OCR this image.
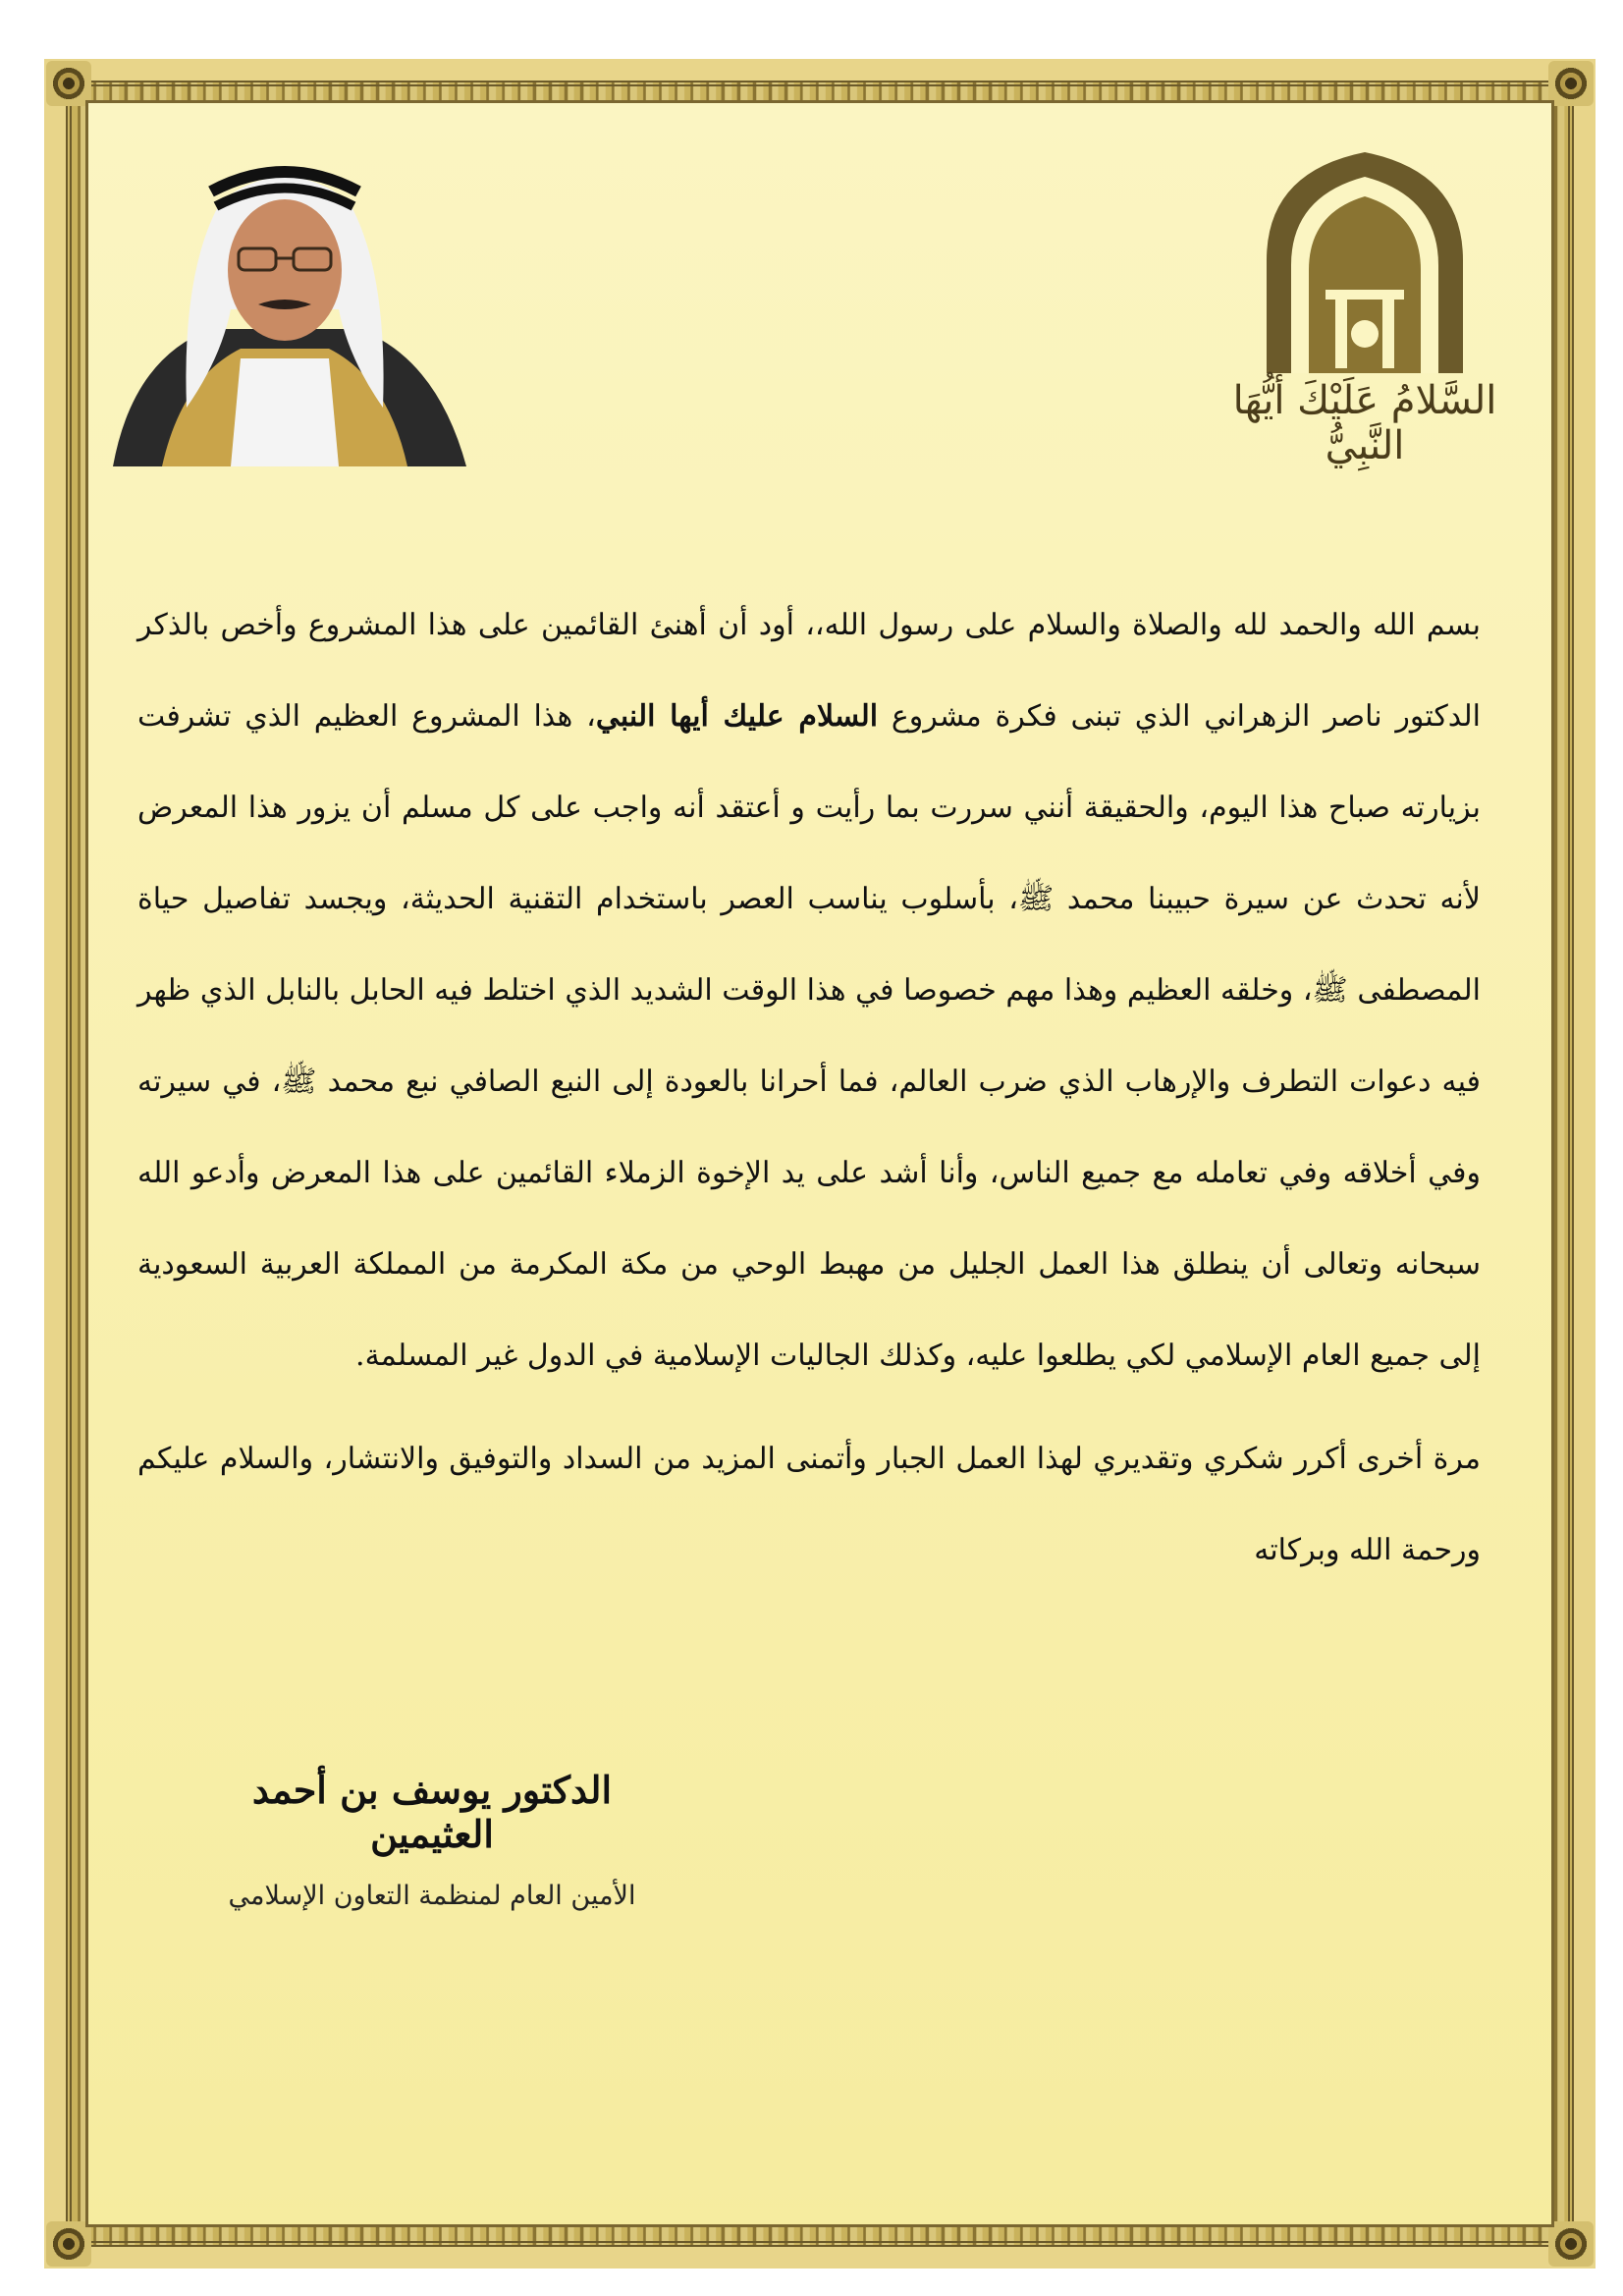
السَّلامُ عَلَيْكَ أيُّهَا النَّبِيُّ

بسم الله والحمد لله والصلاة والسلام على رسول الله،، أود أن أهنئ القائمين على هذا المشروع وأخص بالذكر الدكتور ناصر الزهراني الذي تبنى فكرة مشروع السلام عليك أيها النبي، هذا المشروع العظيم الذي تشرفت بزيارته صباح هذا اليوم، والحقيقة أنني سررت بما رأيت و أعتقد أنه واجب على كل مسلم أن يزور هذا المعرض لأنه تحدث عن سيرة حبيبنا محمد ﷺ، بأسلوب يناسب العصر باستخدام التقنية الحديثة، ويجسد تفاصيل حياة المصطفى ﷺ، وخلقه العظيم وهذا مهم خصوصا في هذا الوقت الشديد الذي اختلط فيه الحابل بالنابل الذي ظهر فيه دعوات التطرف والإرهاب الذي ضرب العالم، فما أحرانا بالعودة إلى النبع الصافي نبع محمد ﷺ، في سيرته وفي أخلاقه وفي تعامله مع جميع الناس، وأنا أشد على يد الإخوة الزملاء القائمين على هذا المعرض وأدعو الله سبحانه وتعالى أن ينطلق هذا العمل الجليل من مهبط الوحي من مكة المكرمة من المملكة العربية السعودية إلى جميع العام الإسلامي لكي يطلعوا عليه، وكذلك الجاليات الإسلامية في الدول غير المسلمة.

مرة أخرى أكرر شكري وتقديري لهذا العمل الجبار وأتمنى المزيد من السداد والتوفيق والانتشار، والسلام عليكم ورحمة الله وبركاته

الدكتور يوسف بن أحمد العثيمين
الأمين العام لمنظمة التعاون الإسلامي
